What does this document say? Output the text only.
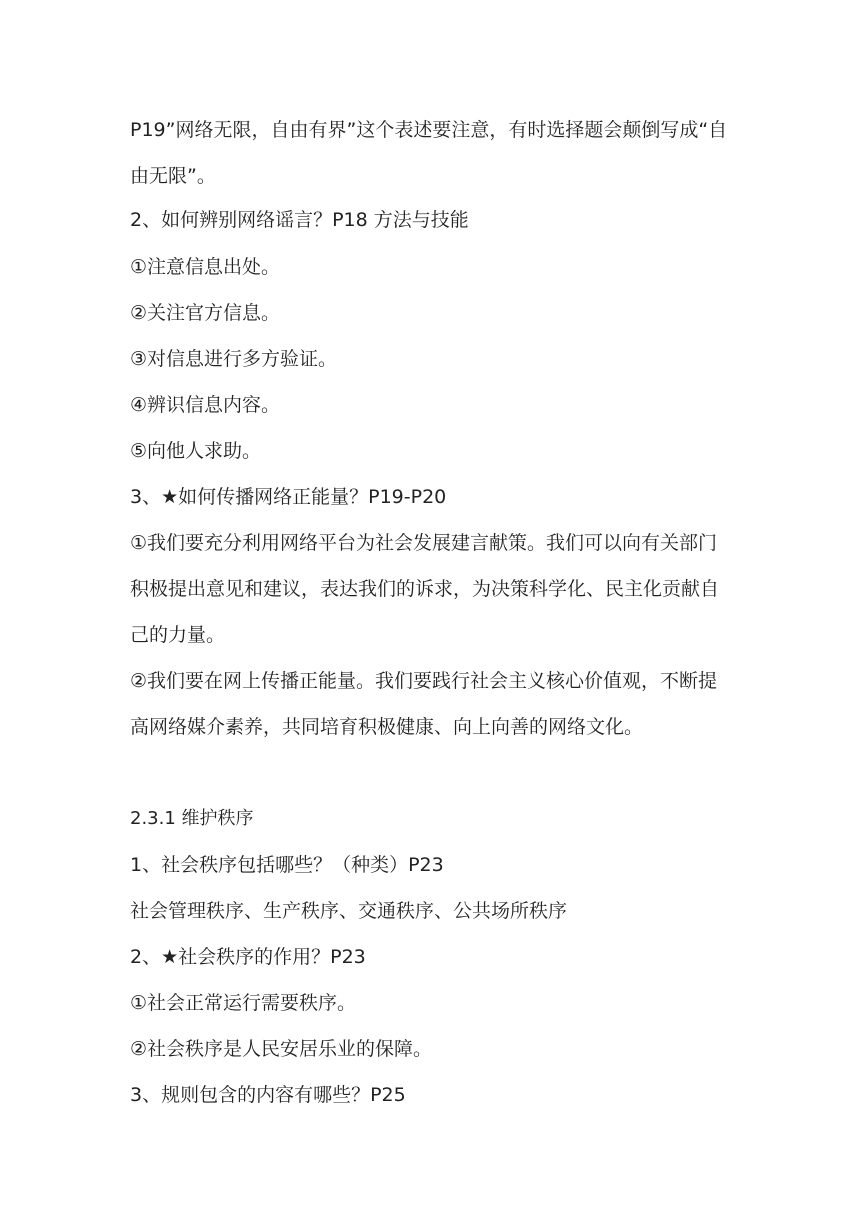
P19”网络无限，自由有界”这个表述要注意，有时选择题会颠倒写成“自
由无限”。
2、如何辨别网络谣言？P18 方法与技能
①注意信息出处。
②关注官方信息。
③对信息进行多方验证。
④辨识信息内容。
⑤向他人求助。
3、★如何传播网络正能量？P19-P20
①我们要充分利用网络平台为社会发展建言献策。我们可以向有关部门
积极提出意见和建议，表达我们的诉求，为决策科学化、民主化贡献自
己的力量。
②我们要在网上传播正能量。我们要践行社会主义核心价值观，不断提
高网络媒介素养，共同培育积极健康、向上向善的网络文化。
2.3.1 维护秩序
1、社会秩序包括哪些？（种类）P23
社会管理秩序、生产秩序、交通秩序、公共场所秩序
2、★社会秩序的作用？P23
①社会正常运行需要秩序。
②社会秩序是人民安居乐业的保障。
3、规则包含的内容有哪些？P25
